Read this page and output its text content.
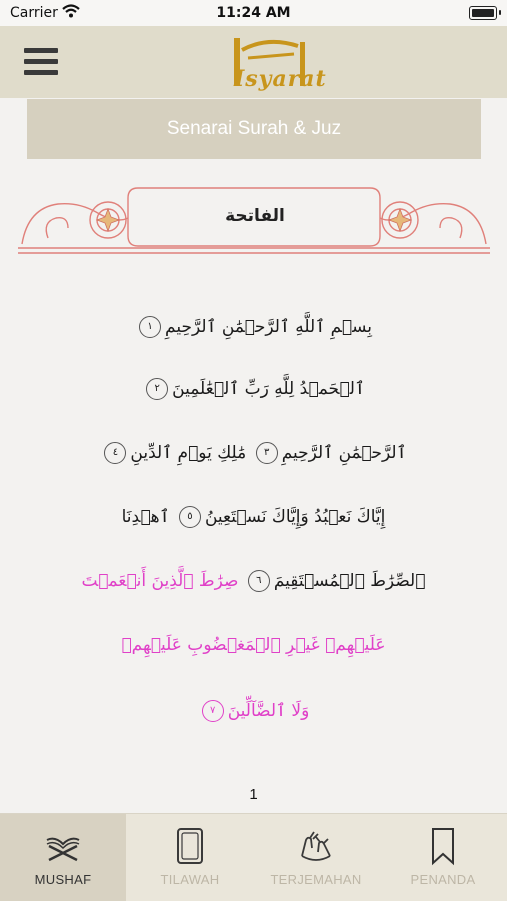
Carrier	11:24 AM
Isyarat
Senarai Surah & Juz
الفاتحة
بِسۡمِ ٱللَّهِ ٱلرَّحۡمَٰنِ ٱلرَّحِيمِ١
ٱلۡحَمۡدُ لِلَّهِ رَبِّ ٱلۡعَٰلَمِينَ٢
ٱلرَّحۡمَٰنِ ٱلرَّحِيمِ٣ مَٰلِكِ يَوۡمِ ٱلدِّينِ٤
إِيَّاكَ نَعۡبُدُ وَإِيَّاكَ نَسۡتَعِينُ٥ ٱهۡدِنَا
ٱلصِّرَٰطَ ٱلۡمُسۡتَقِيمَ٦ صِرَٰطَ ٱلَّذِينَ أَنۡعَمۡتَ
عَلَيۡهِمۡ غَيۡرِ ٱلۡمَغۡضُوبِ عَلَيۡهِمۡ
وَلَا ٱلضَّآلِّينَ٧
1
MUSHAF	TILAWAH	TERJEMAHAN	PENANDA
